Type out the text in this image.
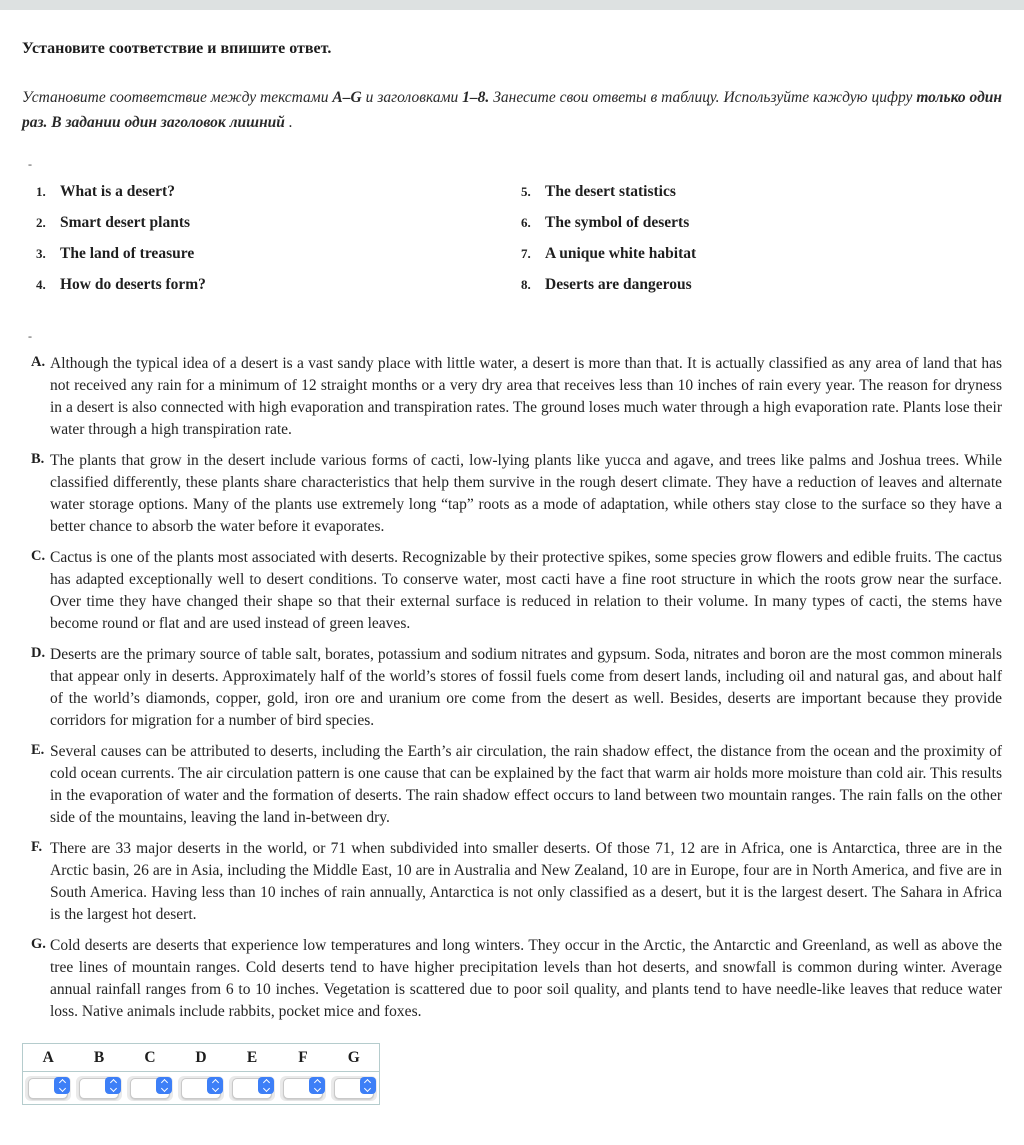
Установите соответствие и впишите ответ.
Установите соответствие между текстами А–G и заголовками 1–8. Занесите свои ответы в таблицу. Используйте каждую цифру только один раз. В задании один заголовок лишний .
-
1. What is a desert?
2. Smart desert plants
3. The land of treasure
4. How do deserts form?
5. The desert statistics
6. The symbol of deserts
7. A unique white habitat
8. Deserts are dangerous
-
A. Although the typical idea of a desert is a vast sandy place with little water, a desert is more than that. It is actually classified as any area of land that has not received any rain for a minimum of 12 straight months or a very dry area that receives less than 10 inches of rain every year. The reason for dryness in a desert is also connected with high evaporation and transpiration rates. The ground loses much water through a high evaporation rate. Plants lose their water through a high transpiration rate.
B. The plants that grow in the desert include various forms of cacti, low-lying plants like yucca and agave, and trees like palms and Joshua trees. While classified differently, these plants share characteristics that help them survive in the rough desert climate. They have a reduction of leaves and alternate water storage options. Many of the plants use extremely long “tap” roots as a mode of adaptation, while others stay close to the surface so they have a better chance to absorb the water before it evaporates.
C. Cactus is one of the plants most associated with deserts. Recognizable by their protective spikes, some species grow flowers and edible fruits. The cactus has adapted exceptionally well to desert conditions. To conserve water, most cacti have a fine root structure in which the roots grow near the surface. Over time they have changed their shape so that their external surface is reduced in relation to their volume. In many types of cacti, the stems have become round or flat and are used instead of green leaves.
D. Deserts are the primary source of table salt, borates, potassium and sodium nitrates and gypsum. Soda, nitrates and boron are the most common minerals that appear only in deserts. Approximately half of the world’s stores of fossil fuels come from desert lands, including oil and natural gas, and about half of the world’s diamonds, copper, gold, iron ore and uranium ore come from the desert as well. Besides, deserts are important because they provide corridors for migration for a number of bird species.
E. Several causes can be attributed to deserts, including the Earth’s air circulation, the rain shadow effect, the distance from the ocean and the proximity of cold ocean currents. The air circulation pattern is one cause that can be explained by the fact that warm air holds more moisture than cold air. This results in the evaporation of water and the formation of deserts. The rain shadow effect occurs to land between two mountain ranges. The rain falls on the other side of the mountains, leaving the land in-between dry.
F. There are 33 major deserts in the world, or 71 when subdivided into smaller deserts. Of those 71, 12 are in Africa, one is Antarctica, three are in the Arctic basin, 26 are in Asia, including the Middle East, 10 are in Australia and New Zealand, 10 are in Europe, four are in North America, and five are in South America. Having less than 10 inches of rain annually, Antarctica is not only classified as a desert, but it is the largest desert. The Sahara in Africa is the largest hot desert.
G. Cold deserts are deserts that experience low temperatures and long winters. They occur in the Arctic, the Antarctic and Greenland, as well as above the tree lines of mountain ranges. Cold deserts tend to have higher precipitation levels than hot deserts, and snowfall is common during winter. Average annual rainfall ranges from 6 to 10 inches. Vegetation is scattered due to poor soil quality, and plants tend to have needle-like leaves that reduce water loss. Native animals include rabbits, pocket mice and foxes.
A	B	C	D	E	F	G
